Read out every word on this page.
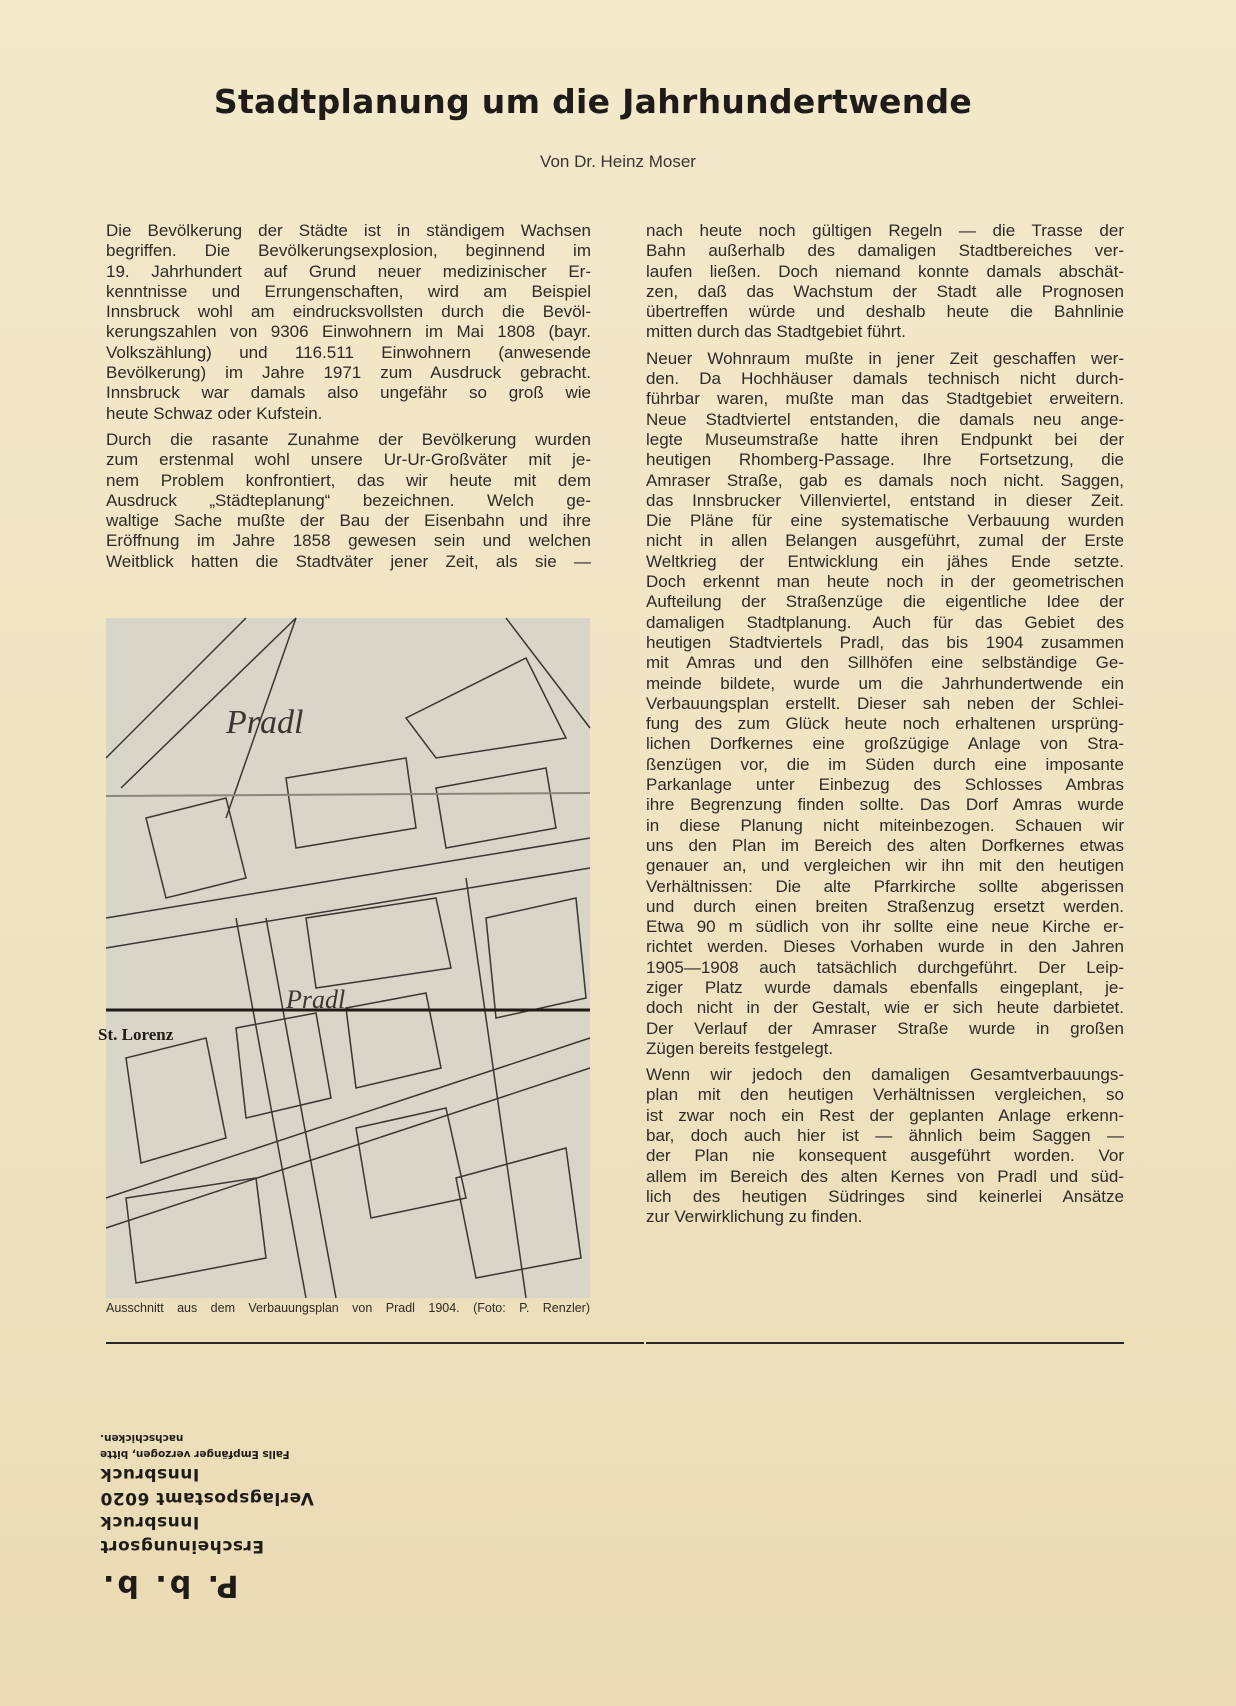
Stadtplanung um die Jahrhundertwende
Von Dr. Heinz Moser
Die Bevölkerung der Städte ist in ständigem Wachsen
begriffen. Die Bevölkerungsexplosion, beginnend im
19. Jahrhundert auf Grund neuer medizinischer Er-
kenntnisse und Errungenschaften, wird am Beispiel
Innsbruck wohl am eindrucksvollsten durch die Bevöl-
kerungszahlen von 9306 Einwohnern im Mai 1808 (bayr.
Volkszählung) und 116.511 Einwohnern (anwesende
Bevölkerung) im Jahre 1971 zum Ausdruck gebracht.
Innsbruck war damals also ungefähr so groß wie
heute Schwaz oder Kufstein.
Durch die rasante Zunahme der Bevölkerung wurden
zum erstenmal wohl unsere Ur-Ur-Großväter mit je-
nem Problem konfrontiert, das wir heute mit dem
Ausdruck „Städteplanung“ bezeichnen. Welch ge-
waltige Sache mußte der Bau der Eisenbahn und ihre
Eröffnung im Jahre 1858 gewesen sein und welchen
Weitblick hatten die Stadtväter jener Zeit, als sie —
nach heute noch gültigen Regeln — die Trasse der
Bahn außerhalb des damaligen Stadtbereiches ver-
laufen ließen. Doch niemand konnte damals abschät-
zen, daß das Wachstum der Stadt alle Prognosen
übertreffen würde und deshalb heute die Bahnlinie
mitten durch das Stadtgebiet führt.
Neuer Wohnraum mußte in jener Zeit geschaffen wer-
den. Da Hochhäuser damals technisch nicht durch-
führbar waren, mußte man das Stadtgebiet erweitern.
Neue Stadtviertel entstanden, die damals neu ange-
legte Museumstraße hatte ihren Endpunkt bei der
heutigen Rhomberg-Passage. Ihre Fortsetzung, die
Amraser Straße, gab es damals noch nicht. Saggen,
das Innsbrucker Villenviertel, entstand in dieser Zeit.
Die Pläne für eine systematische Verbauung wurden
nicht in allen Belangen ausgeführt, zumal der Erste
Weltkrieg der Entwicklung ein jähes Ende setzte.
Doch erkennt man heute noch in der geometrischen
Aufteilung der Straßenzüge die eigentliche Idee der
damaligen Stadtplanung. Auch für das Gebiet des
heutigen Stadtviertels Pradl, das bis 1904 zusammen
mit Amras und den Sillhöfen eine selbständige Ge-
meinde bildete, wurde um die Jahrhundertwende ein
Verbauungsplan erstellt. Dieser sah neben der Schlei-
fung des zum Glück heute noch erhaltenen ursprüng-
lichen Dorfkernes eine großzügige Anlage von Stra-
ßenzügen vor, die im Süden durch eine imposante
Parkanlage unter Einbezug des Schlosses Ambras
ihre Begrenzung finden sollte. Das Dorf Amras wurde
in diese Planung nicht miteinbezogen. Schauen wir
uns den Plan im Bereich des alten Dorfkernes etwas
genauer an, und vergleichen wir ihn mit den heutigen
Verhältnissen: Die alte Pfarrkirche sollte abgerissen
und durch einen breiten Straßenzug ersetzt werden.
Etwa 90 m südlich von ihr sollte eine neue Kirche er-
richtet werden. Dieses Vorhaben wurde in den Jahren
1905—1908 auch tatsächlich durchgeführt. Der Leip-
ziger Platz wurde damals ebenfalls eingeplant, je-
doch nicht in der Gestalt, wie er sich heute darbietet.
Der Verlauf der Amraser Straße wurde in großen
Zügen bereits festgelegt.
Wenn wir jedoch den damaligen Gesamtverbauungs-
plan mit den heutigen Verhältnissen vergleichen, so
ist zwar noch ein Rest der geplanten Anlage erkenn-
bar, doch auch hier ist — ähnlich beim Saggen —
der Plan nie konsequent ausgeführt worden. Vor
allem im Bereich des alten Kernes von Pradl und süd-
lich des heutigen Südringes sind keinerlei Ansätze
zur Verwirklichung zu finden.
Pradl
Pradl
St. Lorenz
Ausschnitt aus dem Verbauungsplan von Pradl 1904. (Foto: P. Renzler)
P. b. b.
Erscheinungsort Innsbruck
Verlagspostamt 6020 Innsbruck
Falls Empfänger verzogen, bitte nachschicken.
